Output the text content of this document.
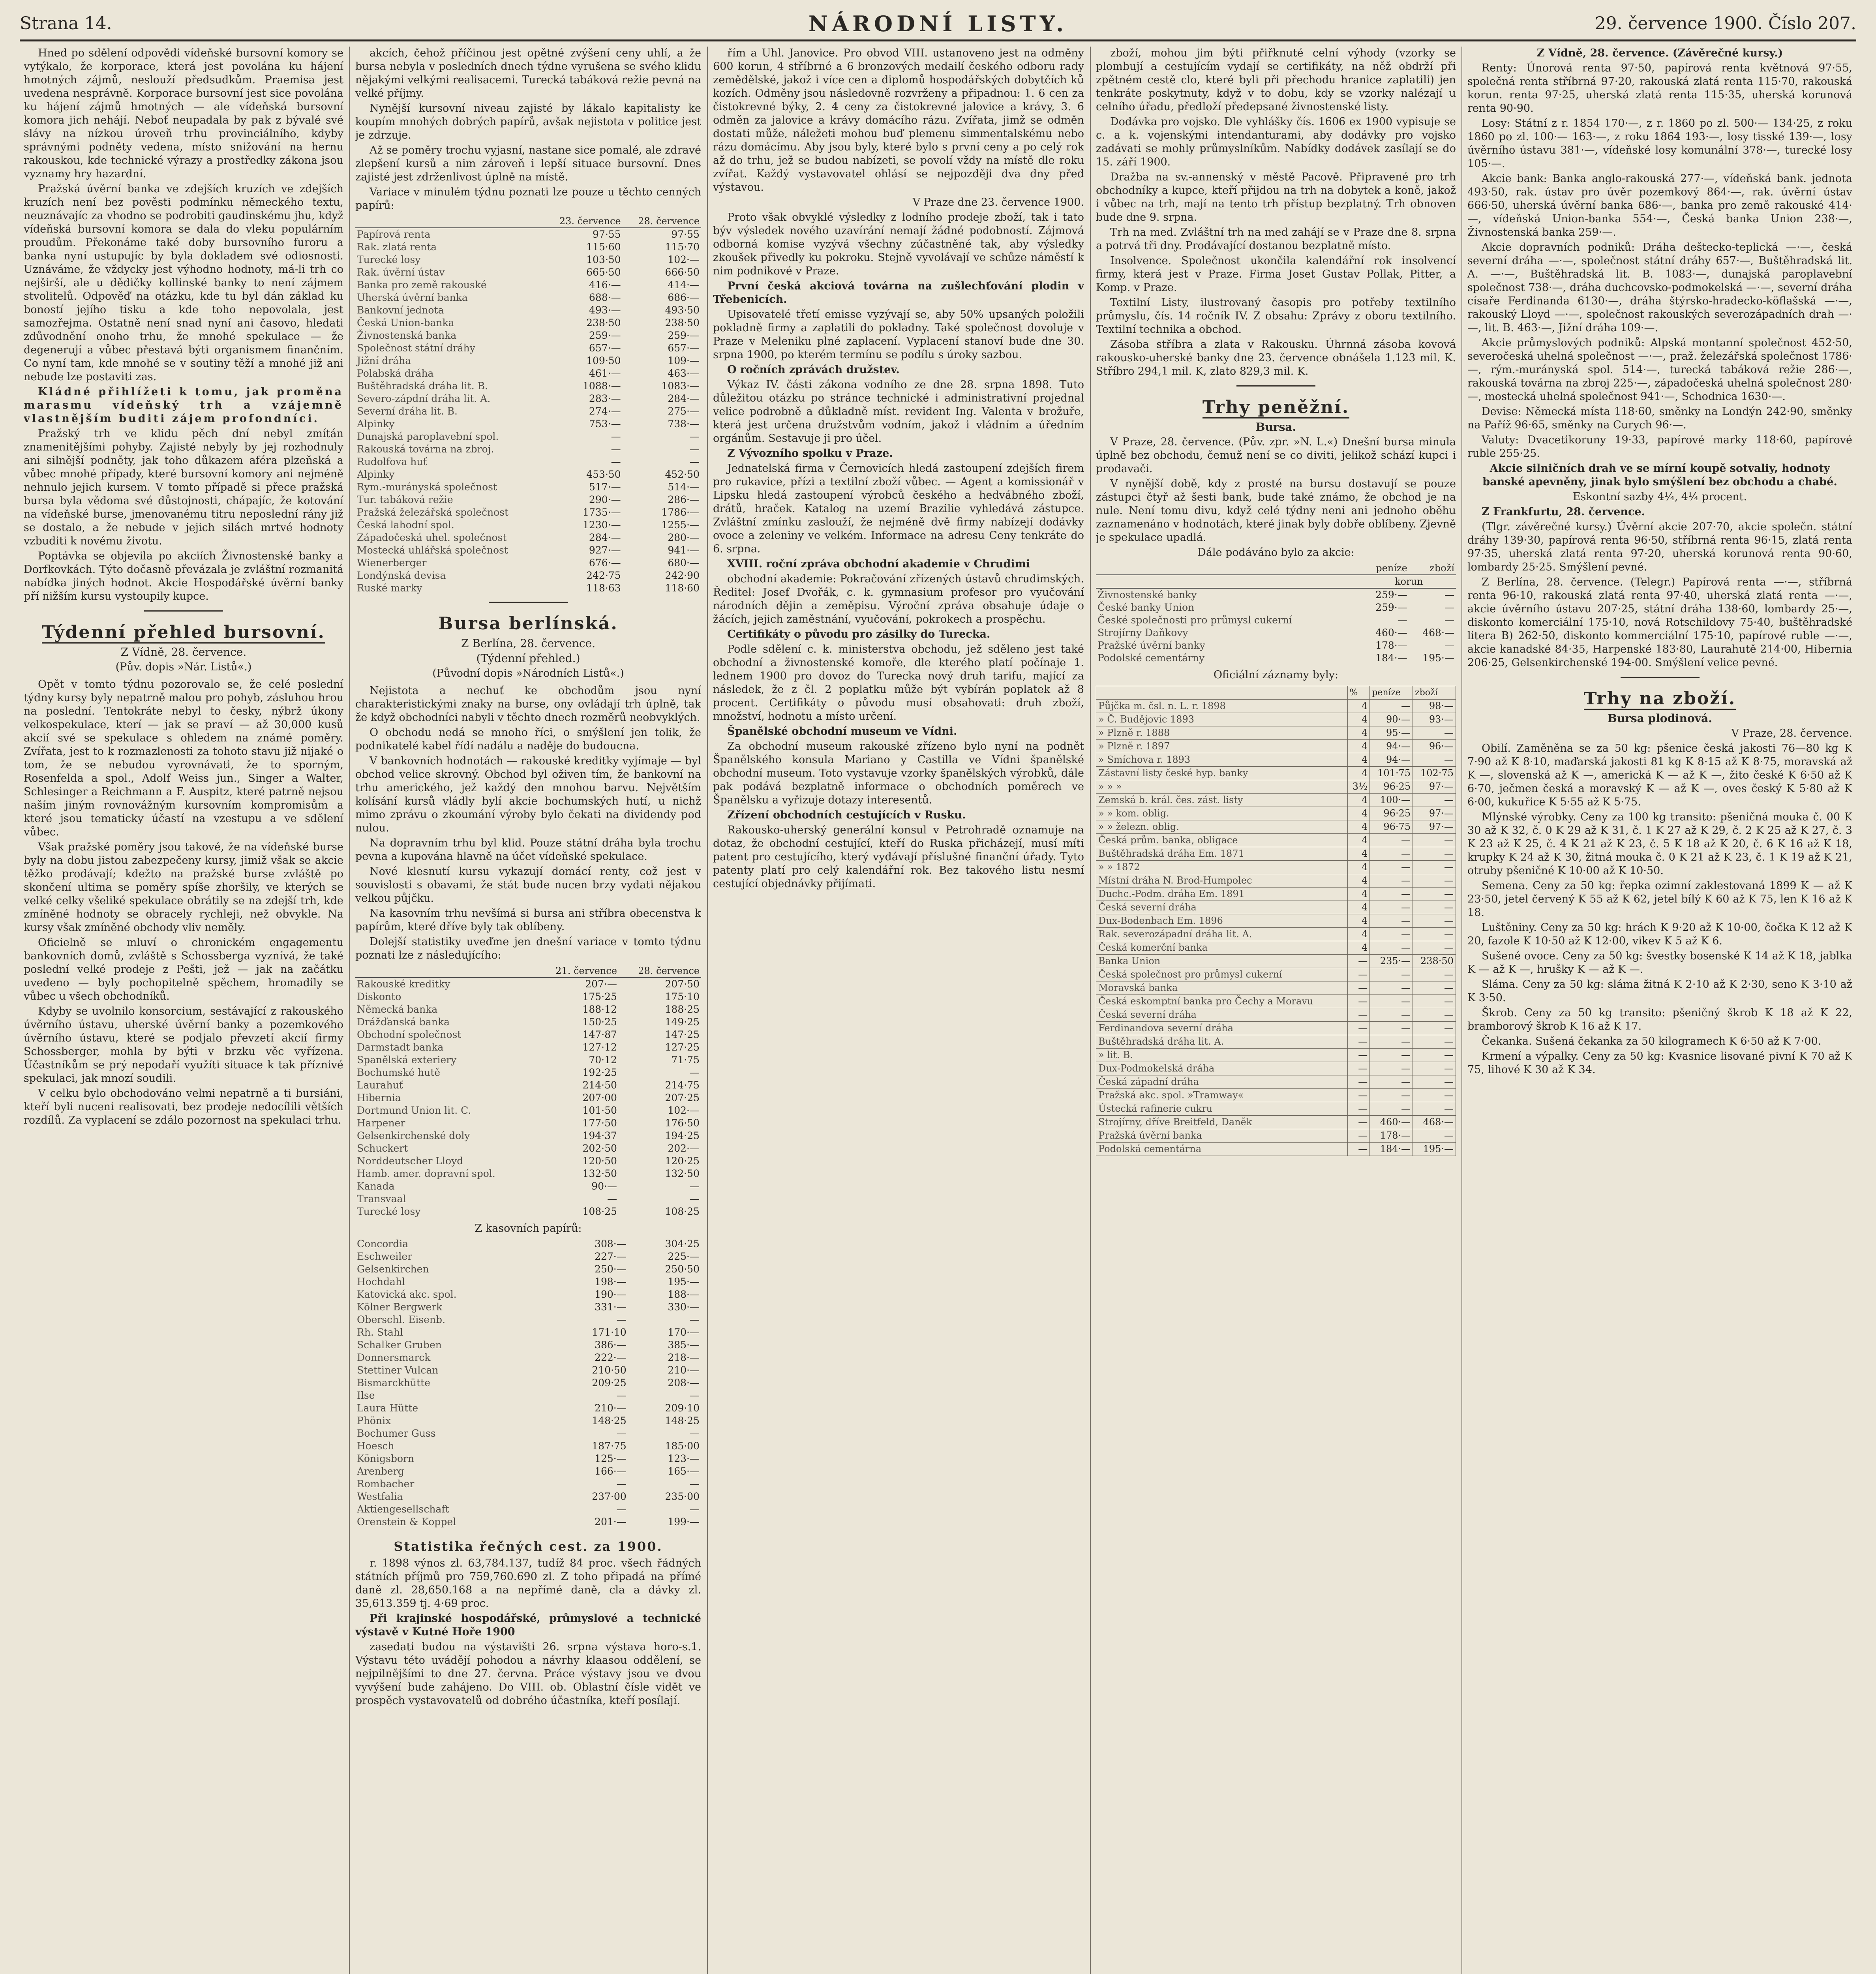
Strana 14.	NÁRODNÍ LISTY.	29. července 1900. Číslo 207.

Hned po sdělení odpovědi vídeňské bursovní komory se vytýkalo, že korporace, která jest povolána ku hájení hmotných zájmů, neslouží předsudkům. Praemisa jest uvedena nesprávně. Korporace bursovní jest sice povolána ku hájení zájmů hmotných — ale vídeňská bursovní komora jich nehájí. Neboť neupadala by pak z bývalé své slávy na nízkou úroveň trhu provinciálního, kdyby správnými podněty vedena, místo snižování na hernu rakouskou, kde technické výrazy a prostředky zákona jsou vyznamy hry hazardní.

Pražská úvěrní banka ve zdejších kruzích ve zdejších kruzích není bez pověsti podmínku německého textu, neuznávajíc za vhodno se podrobiti gaudinskému jhu, když vídeňská bursovní komora se dala do vleku populárním proudům. Překonáme také doby bursovního furoru a banka nyní ustupujíc by byla dokladem své odiosnosti. Uznáváme, že vždycky jest výhodno hodnoty, má-li trh co nejširší, ale u dědičky kollinské banky to není zájmem stvolitelů. Odpověď na otázku, kde tu byl dán základ ku boností jejího tisku a kde toho nepovolala, jest samozřejma. Ostatně není snad nyní ani časovo, hledati zdůvodnění onoho trhu, že mnohé spekulace — že degenerují a vůbec přestavá býti organismem finančním. Co nyní tam, kde mnohé se v soutiny těží a mnohé již ani nebude lze postaviti zas.

Kládné přihlížeti k tomu, jak proměna marasmu vídeňský trh a vzájemně vlastnějším buditi zájem profondníci.

Pražský trh ve klidu pěch dní nebyl zmítán znamenitějšími pohyby. Zajisté nebyly by jej rozhodnuly ani silnější podněty, jak toho důkazem aféra plzeňská a vůbec mnohé případy, které bursovní komory ani nejméně nehnulo jejich kursem. V tomto případě si přece pražská bursa byla vědoma své důstojnosti, chápajíc, že kotování na vídeňské burse, jmenovanému titru neposlední rány již se dostalo, a že nebude v jejich silách mrtvé hodnoty vzbuditi k novému životu.

Poptávka se objevila po akciích Živnostenské banky a Dorfkovkách. Týto dočasně převázala je zvláštní rozmanitá nabídka jiných hodnot. Akcie Hospodářské úvěrní banky pří nižším kursu vystoupily kupce.

Týdenní přehled bursovní.
Z Vídně, 28. července.
(Pův. dopis »Nár. Listů«.)

Opět v tomto týdnu pozorovalo se, že celé poslední týdny kursy byly nepatrně malou pro pohyb, zásluhou hrou na poslední. Tentokráte nebyl to česky, nýbrž úkony velkospekulace, kterí — jak se praví — až 30,000 kusů akcií své se spekulace s ohledem na známé poměry. Zvířata, jest to k rozmazlenosti za tohoto stavu již nijaké o tom, že se nebudou vyrovnávati, že to sporným, Rosenfelda a spol., Adolf Weiss jun., Singer a Walter, Schlesinger a Reichmann a F. Auspitz, které patrně nejsou naším jiným rovnovážným kursovním kompromisům a které jsou tematicky účastí na vzestupu a ve sdělení vůbec.

Však pražské poměry jsou takové, že na vídeňské burse byly na dobu jistou zabezpečeny kursy, jimiž však se akcie těžko prodávají; kdežto na pražské burse zvláště po skončení ultima se poměry spíše zhoršily, ve kterých se velké celky všeliké spekulace obrátily se na zdejší trh, kde zmíněné hodnoty se obracely rychleji, než obvykle. Na kursy však zmíněné obchody vliv neměly.

Oficielně se mluví o chronickém engagementu bankovních domů, zvláště s Schossberga vyznívá, že také poslední velké prodeje z Pešti, jež — jak na začátku uvedeno — byly pochopitelně spěchem, hromadily se vůbec u všech obchodníků.

Kdyby se uvolnilo konsorcium, sestávající z rakouského úvěrního ústavu, uherské úvěrní banky a pozemkového úvěrního ústavu, které se podjalo převzetí akcií firmy Schossberger, mohla by býti v brzku věc vyřízena. Účastníkům se prý nepodaří využíti situace k tak příznivé spekulaci, jak mnozí soudili.

V celku bylo obchodováno velmi nepatrně a ti bursiáni, kteří byli nuceni realisovati, bez prodeje nedocílili větších rozdílů. Za vyplacení se zdálo pozornost na spekulaci trhu.

akcích, čehož příčinou jest opětné zvýšení ceny uhlí, a že bursa nebyla v posledních dnech týdne vyrušena se svého klidu nějakými velkými realisacemi. Turecká tabáková režie pevná na velké příjmy.

Nynější kursovní niveau zajisté by lákalo kapitalisty ke koupím mnohých dobrých papírů, avšak nejistota v politice jest je zdrzuje.

Až se poměry trochu vyjasní, nastane sice pomalé, ale zdravé zlepšení kursů a nim zároveň i lepší situace bursovní. Dnes zajisté jest zdrženlivost úplně na místě.

Variace v minulém týdnu poznati lze pouze u těchto cenných papírů:

	23. července	28. července
Papírová renta	97·55	97·55
Rak. zlatá renta	115·60	115·70
Turecké losy	103·50	102·—
Rak. úvěrní ústav	665·50	666·50
Banka pro země rakouské	416·—	414·—
Uherská úvěrní banka	688·—	686·—
Bankovní jednota	493·—	493·50
Česká Union-banka	238·50	238·50
Živnostenská banka	259·—	259·—
Společnost státní dráhy	657·—	657·—
Jižní dráha	109·50	109·—
Polabská dráha	461·—	463·—
Buštěhradská dráha lit. B.	1088·—	1083·—
Severo-zápdní dráha lit. A.	283·—	284·—
Severní dráha lit. B.	274·—	275·—
Alpinky	753·—	738·—
Dunajská paroplavební spol.	—	—
Rakouská továrna na zbroj.	—	—
Rudolfova huť	—	—
Alpinky	453·50	452·50
Rym.-murányská společnost	517·—	514·—
Tur. tabáková režie	290·—	286·—
Pražská železářská společnost	1735·—	1786·—
Česká lahodní spol.	1230·—	1255·—
Západočeská uhel. společnost	284·—	280·—
Mostecká uhlářská společnost	927·—	941·—
Wienerberger	676·—	680·—
Londýnská devisa	242·75	242·90
Ruské marky	118·63	118·60
Bursa berlínská.
Z Berlína, 28. července.
(Týdenní přehled.)
(Původní dopis »Národních Listů«.)

Nejistota a nechuť ke obchodům jsou nyní charakteristickými znaky na burse, ony ovládají trh úplně, tak že když obchodníci nabyli v těchto dnech rozměrů neobvyklých.

O obchodu nedá se mnoho říci, o smýšlení jen tolik, že podnikatelé kabel řídí nadálu a naděje do budoucna.

V bankovních hodnotách — rakouské kreditky vyjímaje — byl obchod velice skrovný. Obchod byl oživen tím, že bankovní na trhu amerického, jež každý den mnohou barvu. Největším kolísání kursů vládly bylí akcie bochumských hutí, u nichž mimo zprávu o zkoumání výroby bylo čekati na dividendy pod nulou.

Na dopravním trhu byl klid. Pouze státní dráha byla trochu pevna a kupována hlavně na účet vídeňské spekulace.

Nové klesnutí kursu vykazují domácí renty, což jest v souvislosti s obavami, že stát bude nucen brzy vydati nějakou velkou půjčku.

Na kasovním trhu nevšímá si bursa ani stříbra obecenstva k papírům, které dříve byly tak oblíbeny.

Dolejší statistiky uveďme jen dnešní variace v tomto týdnu poznati lze z následujícího:

	21. července	28. července
Rakouské kreditky	207·—	207·50
Diskonto	175·25	175·10
Německá banka	188·12	188·25
Drážďanská banka	150·25	149·25
Obchodní společnost	147·87	147·25
Darmstadt banka	127·12	127·25
Spanělská exteriery	70·12	71·75
Bochumské hutě	192·25	—
Laurahuť	214·50	214·75
Hibernia	207·00	207·25
Dortmund Union lit. C.	101·50	102·—
Harpener	177·50	176·50
Gelsenkirchenské doly	194·37	194·25
Schuckert	202·50	202·—
Norddeutscher Lloyd	120·50	120·25
Hamb. amer. dopravní spol.	132·50	132·50
Kanada	90·—	—
Transvaal	—	—
Turecké losy	108·25	108·25
Z kasovních papírů:
Concordia	308·—	304·25
Eschweiler	227·—	225·—
Gelsenkirchen	250·—	250·50
Hochdahl	198·—	195·—
Katovická akc. spol.	190·—	188·—
Kölner Bergwerk	331·—	330·—
Oberschl. Eisenb.	—	—
Rh. Stahl	171·10	170·—
Schalker Gruben	386·—	385·—
Donnersmarck	222·—	218·—
Stettiner Vulcan	210·50	210·—
Bismarckhütte	209·25	208·—
Ilse	—	—
Laura Hütte	210·—	209·10
Phönix	148·25	148·25
Bochumer Guss	—	—
Hoesch	187·75	185·00
Königsborn	125·—	123·—
Arenberg	166·—	165·—
Rombacher	—	—
Westfalia	237·00	235·00
Aktiengesellschaft	—	—
Orenstein & Koppel	201·—	199·—
Statistika řečných cest. za 1900.

r. 1898 výnos zl. 63,784.137, tudíž 84 proc. všech řádných státních příjmů pro 759,760.690 zl. Z toho připadá na přímé daně zl. 28,650.168 a na nepřímé daně, cla a dávky zl. 35,613.359 tj. 4·69 proc.

Při krajinské hospodářské, průmyslové a technické výstavě v Kutné Hoře 1900

zasedati budou na výstavišti 26. srpna výstava horo-s.1. Výstavu této uvádějí pohodou a návrhy klaasou oddělení, se nejpilnějšími to dne 27. června. Práce výstavy jsou ve dvou vyvýšení bude zahájeno. Do VIII. ob. Oblastní čísle vidět ve prospěch vystavovatelů od dobrého účastníka, kteří posílají.

řím a Uhl. Janovice. Pro obvod VIII. ustanoveno jest na odměny 600 korun, 4 stříbrné a 6 bronzových medailí českého odboru rady zemědělské, jakož i více cen a diplomů hospodářských dobytčích ků kozích. Odměny jsou následovně rozvrženy a připadnou: 1. 6 cen za čistokrevné býky, 2. 4 ceny za čistokrevné jalovice a krávy, 3. 6 odměn za jalovice a krávy domácího rázu. Zvířata, jimž se odměn dostati může, náležeti mohou buď plemenu simmentalskému nebo rázu domácímu. Aby jsou byly, které bylo s první ceny a po celý rok až do trhu, jež se budou nabízeti, se povolí vždy na místě dle roku zvířat. Každý vystavovatel ohlásí se nejpozději dva dny před výstavou.

V Praze dne 23. července 1900.

Proto však obvyklé výsledky z lodního prodeje zboží, tak i tato býv výsledek nového uzavírání nemají žádné podobností. Zájmová odborná komise vyzývá všechny zúčastněné tak, aby výsledky zkoušek přivedly ku pokroku. Stejně vyvolávají ve schůze náměstí k nim podnikové v Praze.

První česká akciová továrna na zušlechťování plodin v Třebenicích.

Upisovatelé třetí emisse vyzývají se, aby 50% upsaných položili pokladně firmy a zaplatili do pokladny. Také společnost dovoluje v Praze v Meleniku plné zaplacení. Vyplacení stanoví bude dne 30. srpna 1900, po kterém termínu se podílu s úroky sazbou.

O ročních zprávách družstev.

Výkaz IV. části zákona vodního ze dne 28. srpna 1898. Tuto důležitou otázku po stránce technické i administrativní projednal velice podrobně a důkladně míst. revident Ing. Valenta v brožuře, která jest určena družstvům vodním, jakož i vládním a úředním orgánům. Sestavuje ji pro účel.

Z Vývozního spolku v Praze.

Jednatelská firma v Černovicích hledá zastoupení zdejších firem pro rukavice, přízi a textilní zboží vůbec. — Agent a komissionář v Lipsku hledá zastoupení výrobců českého a hedvábného zboží, drátů, hraček. Katalog na uzemí Brazilie vyhledává zástupce. Zvláštní zmínku zaslouží, že nejméně dvě firmy nabízejí dodávky ovoce a zeleniny ve velkém. Informace na adresu Ceny tenkráte do 6. srpna.

XVIII. roční zpráva obchodní akademie v Chrudimi

obchodní akademie: Pokračování zřízených ústavů chrudimských. Ředitel: Josef Dvořák, c. k. gymnasium profesor pro vyučování národních dějin a zeměpisu. Výroční zpráva obsahuje údaje o žácích, jejich zaměstnání, vyučování, pokrokech a prospěchu.

Certifikáty o původu pro zásilky do Turecka.

Podle sdělení c. k. ministerstva obchodu, jež sděleno jest také obchodní a živnostenské komoře, dle kterého platí počínaje 1. lednem 1900 pro dovoz do Turecka nový druh tarifu, mající za následek, že z čl. 2 poplatku může být vybírán poplatek až 8 procent. Certifikáty o původu musí obsahovati: druh zboží, množství, hodnotu a místo určení.

Španělské obchodní museum ve Vídni.

Za obchodní museum rakouské zřízeno bylo nyní na podnět Španělského konsula Mariano y Castilla ve Vídni španělské obchodní museum. Toto vystavuje vzorky španělských výrobků, dále pak podává bezplatně informace o obchodních poměrech ve Španělsku a vyřizuje dotazy interesentů.

Zřízení obchodních cestujících v Rusku.

Rakousko-uherský generální konsul v Petrohradě oznamuje na dotaz, že obchodní cestující, kteří do Ruska přicházejí, musí míti patent pro cestujícího, který vydávají příslušné finanční úřady. Tyto patenty platí pro celý kalendářní rok. Bez takového listu nesmí cestující objednávky přijímati.

zboží, mohou jim býti přiřknuté celní výhody (vzorky se plombují a cestujícím vydají se certifikáty, na něž obdrží při zpětném cestě clo, které byli při přechodu hranice zaplatili) jen tenkráte poskytnuty, když v to dobu, kdy se vzorky nalézají u celního úřadu, předloží předepsané živnostenské listy.

Dodávka pro vojsko. Dle vyhlášky čís. 1606 ex 1900 vypisuje se c. a k. vojenskými intendanturami, aby dodávky pro vojsko zadávati se mohly průmyslníkům. Nabídky dodávek zasílají se do 15. září 1900.

Dražba na sv.-annenský v městě Pacově. Připravené pro trh obchodníky a kupce, kteří přijdou na trh na dobytek a koně, jakož i vůbec na trh, mají na tento trh přístup bezplatný. Trh obnoven bude dne 9. srpna.

Trh na med. Zvláštní trh na med zahájí se v Praze dne 8. srpna a potrvá tři dny. Prodávající dostanou bezplatně místo.

Insolvence. Společnost ukončila kalendářní rok insolvencí firmy, která jest v Praze. Firma Joset Gustav Pollak, Pitter, a Komp. v Praze.

Textilní Listy, ilustrovaný časopis pro potřeby textilního průmyslu, čís. 14 ročník IV. Z obsahu: Zprávy z oboru textilního. Textilní technika a obchod.

Zásoba stříbra a zlata v Rakousku. Úhrnná zásoba kovová rakousko-uherské banky dne 23. července obnášela 1.123 mil. K. Stříbro 294,1 mil. K, zlato 829,3 mil. K.

Trhy peněžní.
Bursa.

V Praze, 28. července. (Pův. zpr. »N. L.«) Dnešní bursa minula úplně bez obchodu, čemuž není se co diviti, jelikož schází kupci i prodavači.

V nynější době, kdy z prosté na bursu dostavují se pouze zástupci čtyř až šesti bank, bude také známo, že obchod je na nule. Není tomu divu, když celé týdny neni ani jednoho oběhu zaznamenáno v hodnotách, které jinak byly dobře oblíbeny. Zjevně je spekulace upadlá.

Dále podáváno bylo za akcie:

	peníze	zboží
	korun	
Živnostenské banky	259·—	—
České banky Union	259·—	—
České společnosti pro průmysl cukerní	—	—
Strojírny Daňkovy	460·—	468·—
Pražské úvěrní banky	178·—	—
Podolské cementárny	184·—	195·—
Oficiální záznamy byly:
	%	peníze	zboží
Půjčka m. čsl. n. L. r. 1898	4	—	98·—
» Č. Budějovic 1893	4	90·—	93·—
» Plzně r. 1888	4	95·—	—
» Plzně r. 1897	4	94·—	96·—
» Smíchova r. 1893	4	94·—	—
Zástavní listy české hyp. banky	4	101·75	102·75
» » »	3½	96·25	97·—
Zemská b. král. čes. zást. listy	4	100·—	—
» » kom. oblig.	4	96·25	97·—
» » železn. oblig.	4	96·75	97·—
Česká prům. banka, obligace	4	—	—
Buštěhradská dráha Em. 1871	4	—	—
» » 1872	4	—	—
Místní dráha N. Brod-Humpolec	4	—	—
Duchc.-Podm. dráha Em. 1891	4	—	—
Česká severní dráha	4	—	—
Dux-Bodenbach Em. 1896	4	—	—
Rak. severozápadní dráha lit. A.	4	—	—
Česká komerční banka	4	—	—
Banka Union	—	235·—	238·50
Česká společnost pro průmysl cukerní	—	—	—
Moravská banka	—	—	—
Česká eskomptní banka pro Čechy a Moravu	—	—	—
Česká severní dráha	—	—	—
Ferdinandova severní dráha	—	—	—
Buštěhradská dráha lit. A.	—	—	—
» lit. B.	—	—	—
Dux-Podmokelská dráha	—	—	—
Česká západní dráha	—	—	—
Pražská akc. spol. »Tramway«	—	—	—
Ústecká rafinerie cukru	—	—	—
Strojírny, dříve Breitfeld, Daněk	—	460·—	468·—
Pražská úvěrní banka	—	178·—	—
Podolská cementárna	—	184·—	195·—

Z Vídně, 28. července. (Závěrečné kursy.)

Renty: Únorová renta 97·50, papírová renta květnová 97·55, společná renta stříbrná 97·20, rakouská zlatá renta 115·70, rakouská korun. renta 97·25, uherská zlatá renta 115·35, uherská korunová renta 90·90.

Losy: Státní z r. 1854 170·—, z r. 1860 po zl. 500·— 134·25, z roku 1860 po zl. 100·— 163·—, z roku 1864 193·—, losy tisské 139·—, losy úvěrního ústavu 381·—, vídeňské losy komunální 378·—, turecké losy 105·—.

Akcie bank: Banka anglo-rakouská 277·—, vídeňská bank. jednota 493·50, rak. ústav pro úvěr pozemkový 864·—, rak. úvěrní ústav 666·50, uherská úvěrní banka 686·—, banka pro země rakouské 414·—, vídeňská Union-banka 554·—, Česká banka Union 238·—, Živnostenská banka 259·—.

Akcie dopravních podniků: Dráha deštecko-teplická —·—, česká severní dráha —·—, společnost státní dráhy 657·—, Buštěhradská lit. A. —·—, Buštěhradská lit. B. 1083·—, dunajská paroplavební společnost 738·—, dráha duchcovsko-podmokelská —·—, severní dráha císaře Ferdinanda 6130·—, dráha štýrsko-hradecko-köflašská —·—, rakouský Lloyd —·—, společnost rakouských severozápadních drah —·—, lit. B. 463·—, Jižní dráha 109·—.

Akcie průmyslových podniků: Alpská montanní společnost 452·50, severočeská uhelná společnost —·—, praž. železářská společnost 1786·—, rým.-murányská spol. 514·—, turecká tabáková režie 286·—, rakouská továrna na zbroj 225·—, západočeská uhelná společnost 280·—, mostecká uhelná společnost 941·—, Schodnica 1630·—.

Devise: Německá místa 118·60, směnky na Londýn 242·90, směnky na Paříž 96·65, směnky na Curych 96·—.

Valuty: Dvacetikoruny 19·33, papírové marky 118·60, papírové ruble 255·25.

Akcie silničních drah ve se mírní koupě sotvaliy, hodnoty banské apevněny, jinak bylo smýšlení bez obchodu a chabé.

Eskontní sazby 4¼, 4¼ procent.

Z Frankfurtu, 28. července.

(Tlgr. závěrečné kursy.) Úvěrní akcie 207·70, akcie společn. státní dráhy 139·30, papírová renta 96·50, stříbrná renta 96·15, zlatá renta 97·35, uherská zlatá renta 97·20, uherská korunová renta 90·60, lombardy 25·25. Smýšlení pevné.

Z Berlína, 28. července. (Telegr.) Papírová renta —·—, stříbrná renta 96·10, rakouská zlatá renta 97·40, uherská zlatá renta —·—, akcie úvěrního ústavu 207·25, státní dráha 138·60, lombardy 25·—, diskonto komerciální 175·10, nová Rotschildovy 75·40, buštěhradské litera B) 262·50, diskonto kommerciální 175·10, papírové ruble —·—, akcie kanadské 84·35, Harpenské 183·80, Laurahutě 214·00, Hibernia 206·25, Gelsenkirchenské 194·00. Smýšlení velice pevné.

Trhy na zboží.
Bursa plodinová.

V Praze, 28. července.

Obilí. Zaměněna se za 50 kg: pšenice česká jakosti 76—80 kg K 7·90 až K 8·10, maďarská jakosti 81 kg K 8·15 až K 8·75, moravská až K —, slovenská až K —, americká K — až K —, žito české K 6·50 až K 6·70, ječmen česká a moravský K — až K —, oves český K 5·80 až K 6·00, kukuřice K 5·55 až K 5·75.

Mlýnské výrobky. Ceny za 100 kg transito: pšeničná mouka č. 00 K 30 až K 32, č. 0 K 29 až K 31, č. 1 K 27 až K 29, č. 2 K 25 až K 27, č. 3 K 23 až K 25, č. 4 K 21 až K 23, č. 5 K 18 až K 20, č. 6 K 16 až K 18, krupky K 24 až K 30, žitná mouka č. 0 K 21 až K 23, č. 1 K 19 až K 21, otruby pšeničné K 10·00 až K 10·50.

Semena. Ceny za 50 kg: řepka ozimní zaklestovaná 1899 K — až K 23·50, jetel červený K 55 až K 62, jetel bílý K 60 až K 75, len K 16 až K 18.

Luštěniny. Ceny za 50 kg: hrách K 9·20 až K 10·00, čočka K 12 až K 20, fazole K 10·50 až K 12·00, vikev K 5 až K 6.

Sušené ovoce. Ceny za 50 kg: švestky bosenské K 14 až K 18, jablka K — až K —, hrušky K — až K —.

Sláma. Ceny za 50 kg: sláma žitná K 2·10 až K 2·30, seno K 3·10 až K 3·50.

Škrob. Ceny za 50 kg transito: pšeničný škrob K 18 až K 22, bramborový škrob K 16 až K 17.

Čekanka. Sušená čekanka za 50 kilogramech K 6·50 až K 7·00.

Krmení a výpalky. Ceny za 50 kg: Kvasnice lisované pivní K 70 až K 75, lihové K 30 až K 34.
